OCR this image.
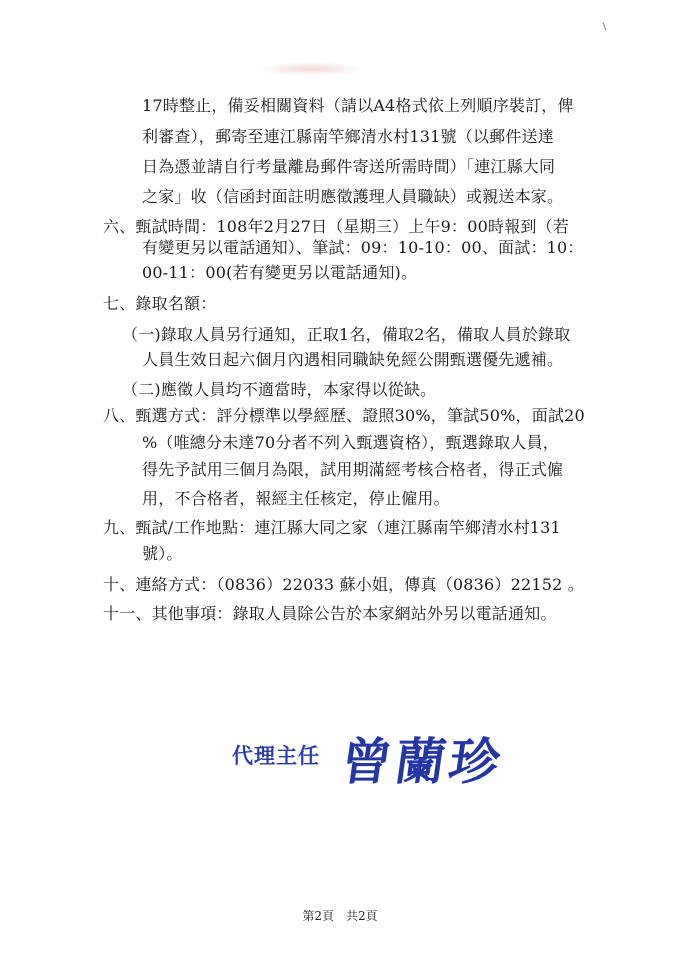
17時整止，備妥相關資料（請以A4格式依上列順序裝訂，俾
利審查），郵寄至連江縣南竿鄉清水村131號（以郵件送達
日為憑並請自行考量離島郵件寄送所需時間）「連江縣大同
之家」收（信函封面註明應徵護理人員職缺）或親送本家。
六、甄試時間：108年2月27日（星期三）上午9：00時報到（若
有變更另以電話通知）、筆試：09：10-10：00、面試：10：
00-11：00(若有變更另以電話通知)。
七、錄取名額：
（一)錄取人員另行通知，正取1名，備取2名，備取人員於錄取
人員生效日起六個月內遇相同職缺免經公開甄選優先遞補。
（二)應徵人員均不適當時，本家得以從缺。
八、甄選方式：評分標準以學經歷、證照30%，筆試50%，面試20
%（唯總分未達70分者不列入甄選資格），甄選錄取人員，
得先予試用三個月為限，試用期滿經考核合格者，得正式僱
用，不合格者，報經主任核定，停止僱用。
九、甄試/工作地點：連江縣大同之家（連江縣南竿鄉清水村131
號）。
十、連絡方式：（0836）22033 蘇小姐，傳真（0836）22152 。
十一、其他事項：錄取人員除公告於本家網站外另以電話通知。
代理主任 曾蘭珍
第2頁　共2頁
